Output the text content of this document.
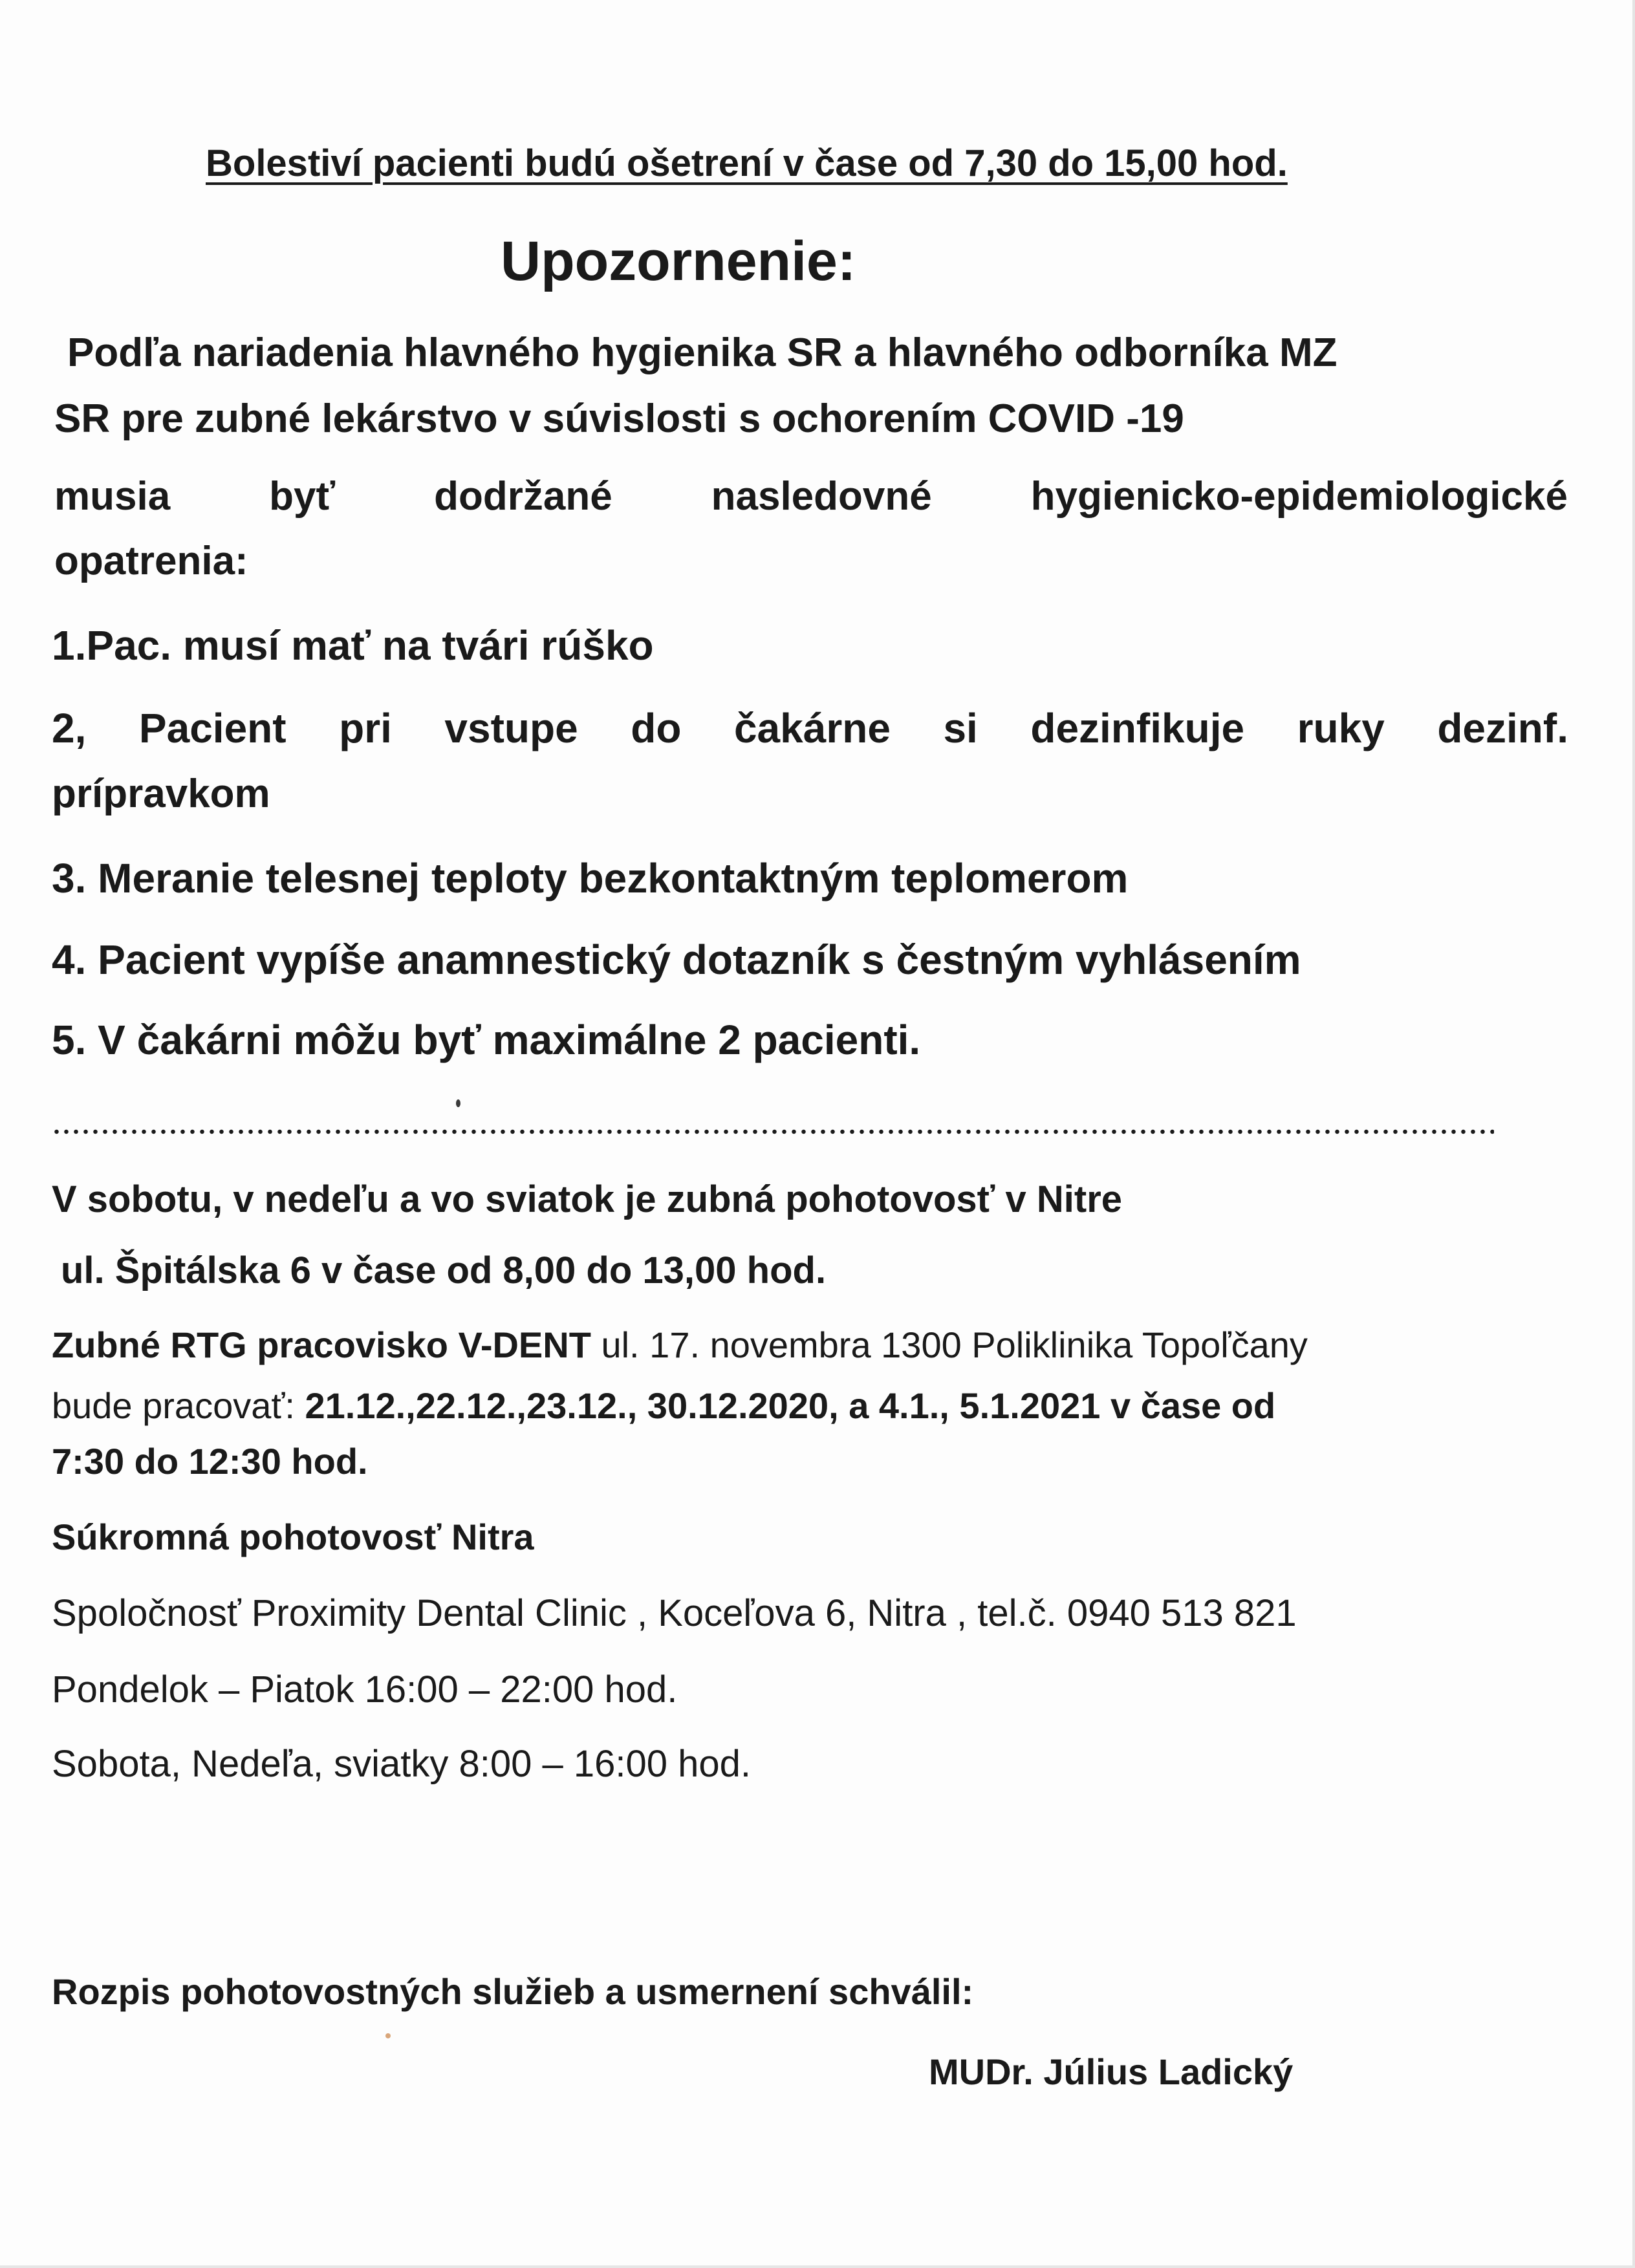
Bolestiví pacienti budú ošetrení v čase od 7,30 do 15,00 hod.
Upozornenie:
Podľa nariadenia hlavného hygienika SR a hlavného odborníka MZ
SR pre zubné lekárstvo v súvislosti s ochorením COVID -19
musia byť dodržané nasledovné hygienicko-epidemiologické
opatrenia:
1.Pac. musí mať na tvári rúško
2, Pacient pri vstupe do čakárne si dezinfikuje ruky dezinf.
prípravkom
3. Meranie telesnej teploty bezkontaktným teplomerom
4. Pacient vypíše anamnestický dotazník s čestným vyhlásením
5. V čakárni môžu byť maximálne 2 pacienti.
V sobotu, v nedeľu a vo sviatok je zubná pohotovosť v Nitre
ul. Špitálska 6 v čase od 8,00 do 13,00 hod.
Zubné RTG pracovisko V-DENT ul. 17. novembra 1300 Poliklinika Topoľčany
bude pracovať: 21.12.,22.12.,23.12., 30.12.2020, a 4.1., 5.1.2021 v čase od
7:30 do 12:30 hod.
Súkromná pohotovosť Nitra
Spoločnosť Proximity Dental Clinic , Koceľova 6, Nitra , tel.č. 0940 513 821
Pondelok – Piatok 16:00 – 22:00 hod.
Sobota, Nedeľa, sviatky 8:00 – 16:00 hod.
Rozpis pohotovostných služieb a usmernení schválil:
MUDr. Július Ladický
